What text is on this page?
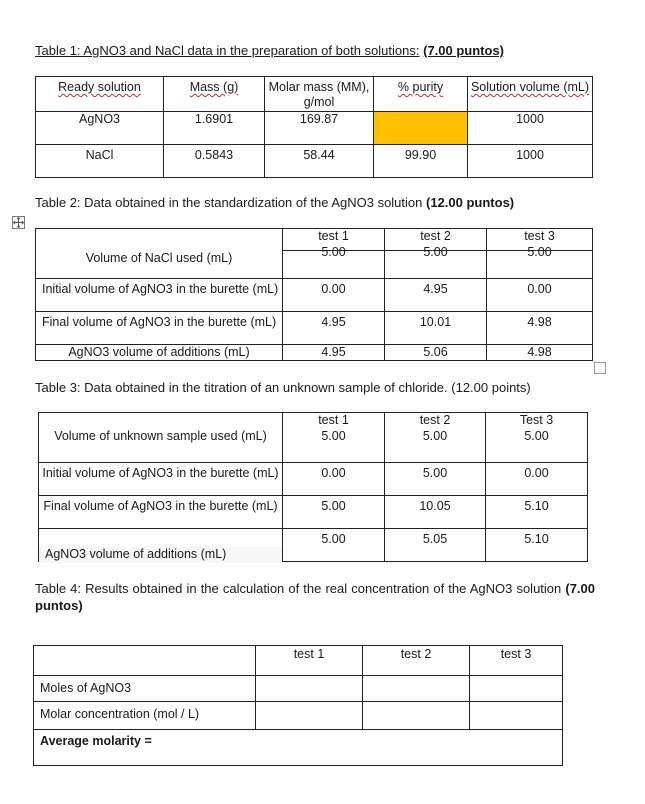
Table 1: AgNO3 and NaCl data in the preparation of both solutions: (7.00 puntos)
Ready solution	Mass (g)	Molar mass (MM), g/mol	% purity	Solution volume (mL)
AgNO3	1.6901	169.87		1000
NaCl	0.5843	58.44	99.90	1000
Table 2: Data obtained in the standardization of the AgNO3 solution (12.00 puntos)
	test 1	test 2	test 3
Volume of NaCl used (mL)	5.00	5.00	5.00
Initial volume of AgNO3 in the burette (mL)	0.00	4.95	0.00
Final volume of AgNO3 in the burette (mL)	4.95	10.01	4.98
AgNO3 volume of additions (mL)	4.95	5.06	4.98
Table 3: Data obtained in the titration of an unknown sample of chloride. (12.00 points)
	test 1	test 2	Test 3
Volume of unknown sample used (mL)	5.00	5.00	5.00
Initial volume of AgNO3 in the burette (mL)	0.00	5.00	0.00
Final volume of AgNO3 in the burette (mL)	5.00	10.05	5.10

AgNO3 volume of additions (mL)	5.00	5.05	5.10
Table 4: Results obtained in the calculation of the real concentration of the AgNO3 solution (7.00 puntos)
	test 1	test 2	test 3
Moles of AgNO3			
Molar concentration (mol / L)			
Average molarity =			
